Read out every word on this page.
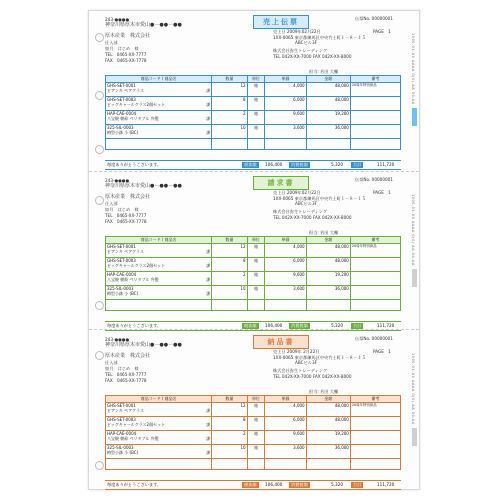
243-●●●●
神奈川県厚木市愛山●－●●－●●
厚木産業　株式会社
仕入部
如月　はじめ　様
TEL　0465-XX-7777
FAX　0465-XX-7778
売上伝票	伝票No. 00000001
売上日 2009年02月22日	PAGE　1
1XX-0065 東京都練馬区中央竹土町１－８－１５
ABCビル3F
株式会社弥生トレーディング
TEL 042X-XX-7000 FAX 042X-XX-8000
担当: 若田 大輔
商品コード / 商品名	数量	単位	単価	金額	備考

GHS-SET-0001
ビアンキ ペアグラス 課	12	箱	4,000	48,000	20周年特別商品

GHS-SET-0003
ビッグキャールグラス2個セット 課	8	箱	6,000	48,000	

HAP-CAE-0004
八宝焼 朝絵 ペリタブル 弁製 課	2	箱	9,600	19,200	

325-SIL-0003
梅型小鉢 小 (BC) 課	10	箱	3,600	36,000	

毎度ありがとうございます。	税抜額	106,400	消費税額	5,320	合計	111,720
1000-01-00 AAAA 0(0) AA 00-AA
243-●●●●
神奈川県厚木市愛山●－●●－●●
厚木産業　株式会社
仕入部
如月　はじめ　様
TEL　0465-XX-7777
FAX　0465-XX-7778
請求書	伝票No. 00000001
売上日 2009年02月22日	PAGE　1
1XX-0065 東京都練馬区中央竹土町１－８－１５
ABCビル3F
株式会社弥生トレーディング
TEL 042X-XX-7000 FAX 042X-XX-8000
担当: 若田 大輔
商品コード / 商品名	数量	単位	単価	金額	備考

GHS-SET-0001
ビアンキ ペアグラス 課	12	箱	4,000	48,000	20周年特別商品

GHS-SET-0003
ビッグキャールグラス2個セット 課	8	箱	6,000	48,000	

HAP-CAE-0004
八宝焼 朝絵 ペリタブル 弁製 課	2	箱	9,600	19,200	

325-SIL-0003
梅型小鉢 小 (BC) 課	10	箱	3,600	36,000	

毎度ありがとうございます。	税抜額	106,400	消費税額	5,320	合計	111,720
1000-01-00 AAAA 0(0) AA 00-AA
243-●●●●
神奈川県厚木市愛山●－●●－●●
厚木産業　株式会社
仕入部
如月　はじめ　様
TEL　0465-XX-7777
FAX　0465-XX-7778
納品書	伝票No. 00000001
売上日 2009年 2月22日	PAGE　1
1XX-0065 東京都練馬区中央竹土町１－８－１５
ABCビル3F
株式会社弥生トレーディング
TEL 042X-XX-7000 FAX 042X-XX-8000
担当: 若田 大輔
商品コード / 商品名	数量	単位	単価	金額	備考

GHS-SET-0001
ビアンキ ペアグラス 課	12	箱	4,000	48,000	20周年特別商品

GHS-SET-0003
ビッグキャールグラス2個セット 課	8	箱	6,000	48,000	

HAP-CAE-0004
八宝焼 朝絵 ペリタブル 弁製 課	2	箱	9,600	19,200	

325-SIL-0003
梅型小鉢 小 (BC) 課	10	箱	3,600	36,000	

毎度ありがとうございます。	税抜額	106,400	消費税額	5,320	合計	111,720
1000-01-00 AAAA 0(0) AA 00-AA
